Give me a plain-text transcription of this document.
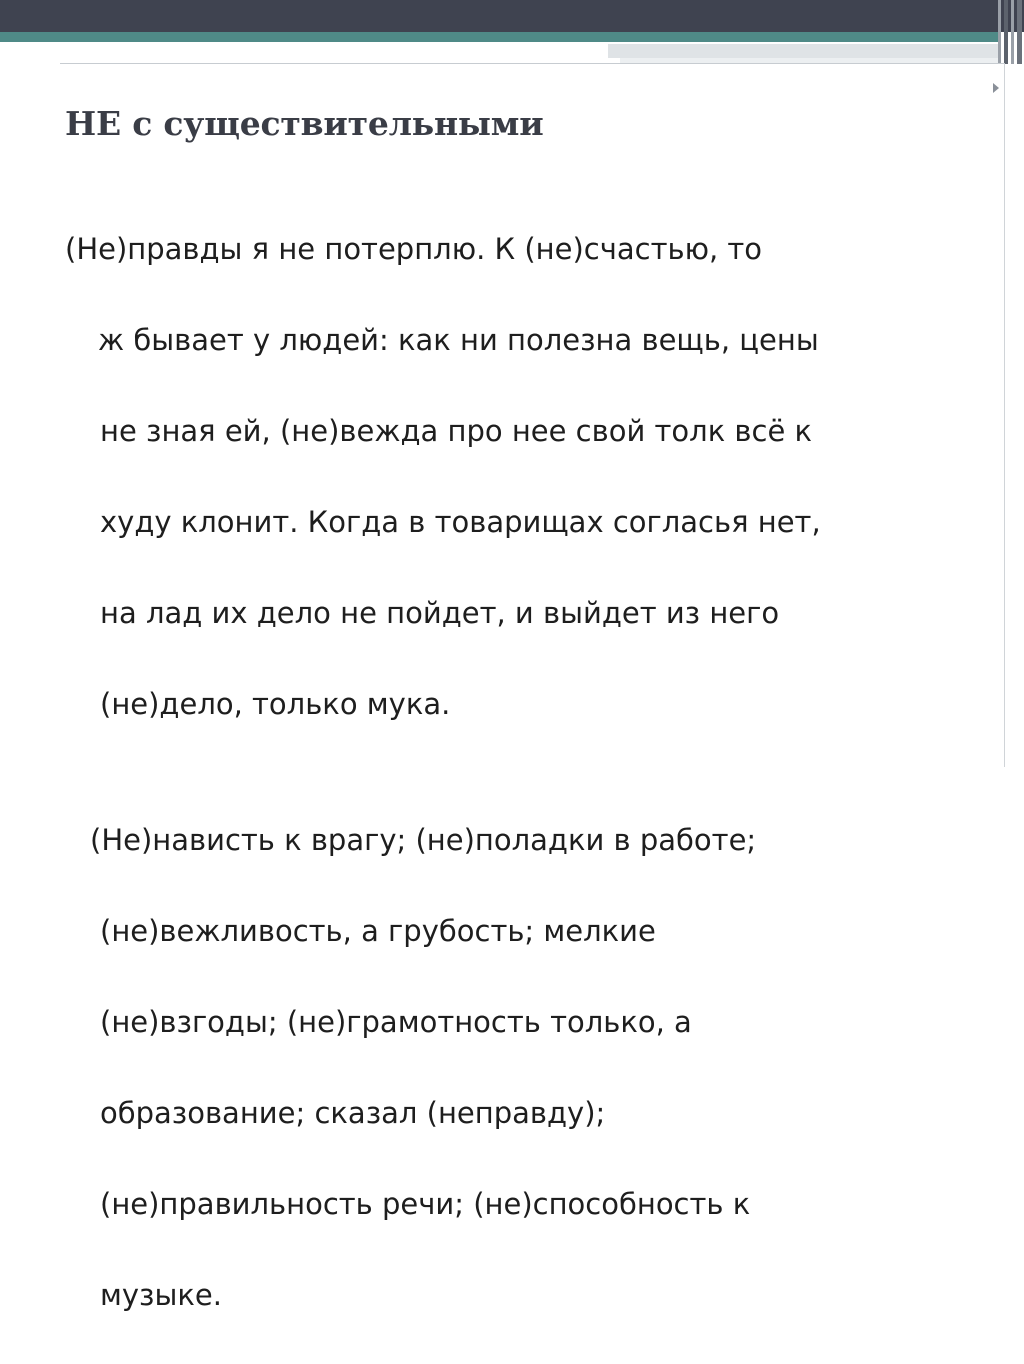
НЕ с существительными

(Не)правды я не потерплю. К (не)счастью, то

ж бывает у людей: как ни полезна вещь, цены

не зная ей, (не)вежда про нее свой толк всё к

худу клонит. Когда в товарищах согласья нет,

на лад их дело не пойдет, и выйдет из него

(не)дело, только мука.

(Не)нависть к врагу; (не)поладки в работе;

(не)вежливость, а грубость; мелкие

(не)взгоды; (не)грамотность только, а

образование; сказал (неправду);

(не)правильность речи; (не)способность к

музыке.
